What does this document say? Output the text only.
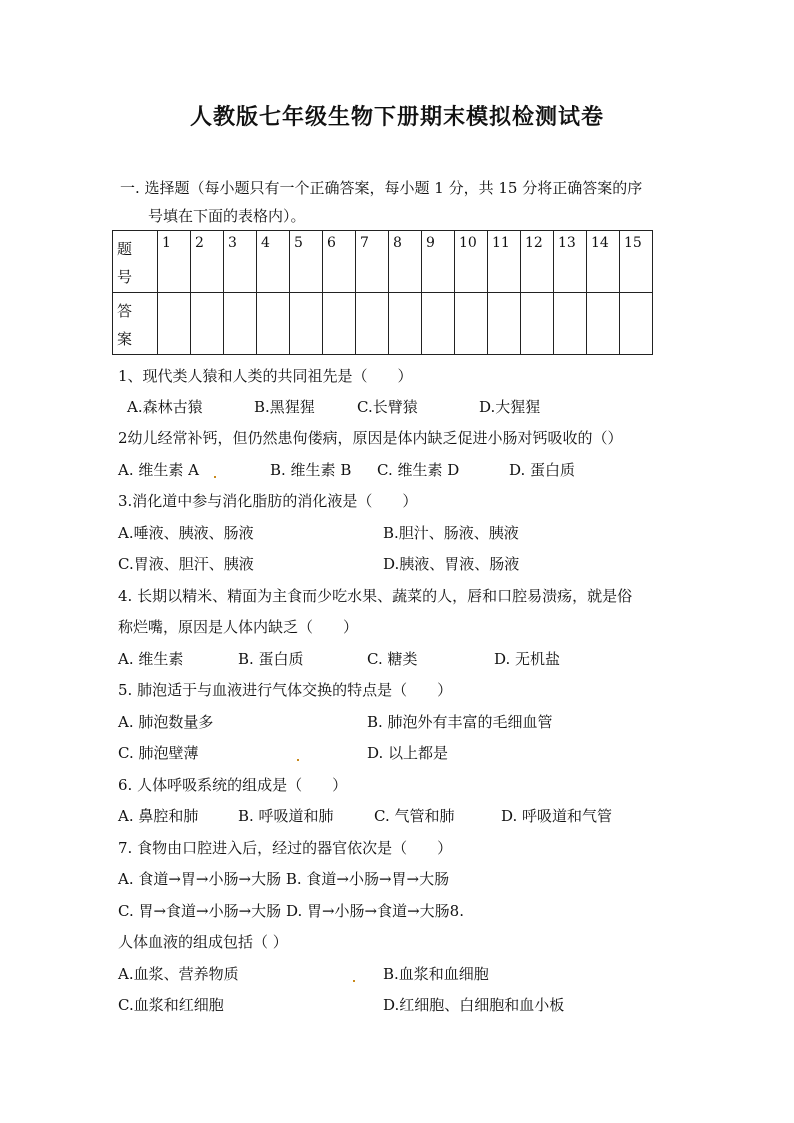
人教版七年级生物下册期末模拟检测试卷
一. 选择题（每小题只有一个正确答案，每小题 1 分，共 15 分将正确答案的序
号填在下面的表格内）。
题
号	1	2	3	4	5	6	7	8	9	10	11	12	13	14	15

答
案															

1、现代类人猿和人类的共同祖先是（　　）
A.森林古猿	B.黑猩猩	C.长臂猿	D.大猩猩
2幼儿经常补钙，但仍然患佝偻病，原因是体内缺乏促进小肠对钙吸收的（）
A. 维生素 A	B. 维生素 B C. 维生素 D	D. 蛋白质
3.消化道中参与消化脂肪的消化液是（　　）
A.唾液、胰液、肠液	B.胆汁、肠液、胰液
C.胃液、胆汗、胰液	D.胰液、胃液、肠液
4. 长期以精米、精面为主食而少吃水果、蔬菜的人，唇和口腔易溃疡，就是俗
称烂嘴，原因是人体内缺乏（　　）
A. 维生素	B. 蛋白质	C. 糖类	D. 无机盐
5. 肺泡适于与血液进行气体交换的特点是（　　）
A. 肺泡数量多	B. 肺泡外有丰富的毛细血管
C. 肺泡壁薄	D. 以上都是
6. 人体呼吸系统的组成是（　　）
A. 鼻腔和肺	B. 呼吸道和肺	C. 气管和肺	D. 呼吸道和气管
7. 食物由口腔进入后，经过的器官依次是（　　）
A. 食道→胃→小肠→大肠 B. 食道→小肠→胃→大肠
C. 胃→食道→小肠→大肠 D. 胃→小肠→食道→大肠8.
人体血液的组成包括（ ）
A.血浆、营养物质	B.血浆和血细胞
C.血浆和红细胞	D.红细胞、白细胞和血小板
